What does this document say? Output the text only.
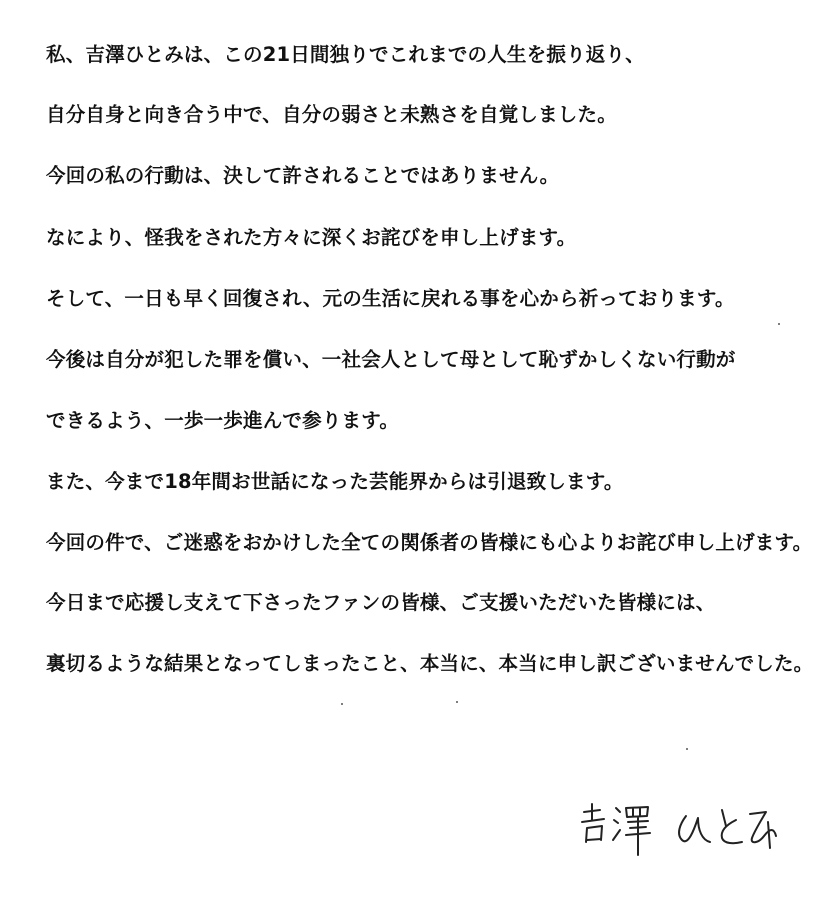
私、吉澤ひとみは、この21日間独りでこれまでの人生を振り返り、
自分自身と向き合う中で、自分の弱さと未熟さを自覚しました。
今回の私の行動は、決して許されることではありません。
なにより、怪我をされた方々に深くお詫びを申し上げます。
そして、一日も早く回復され、元の生活に戻れる事を心から祈っております。
今後は自分が犯した罪を償い、一社会人として母として恥ずかしくない行動が
できるよう、一歩一歩進んで参ります。
また、今まで18年間お世話になった芸能界からは引退致します。
今回の件で、ご迷惑をおかけした全ての関係者の皆様にも心よりお詫び申し上げます。
今日まで応援し支えて下さったファンの皆様、ご支援いただいた皆様には、
裏切るような結果となってしまったこと、本当に、本当に申し訳ございませんでした。
